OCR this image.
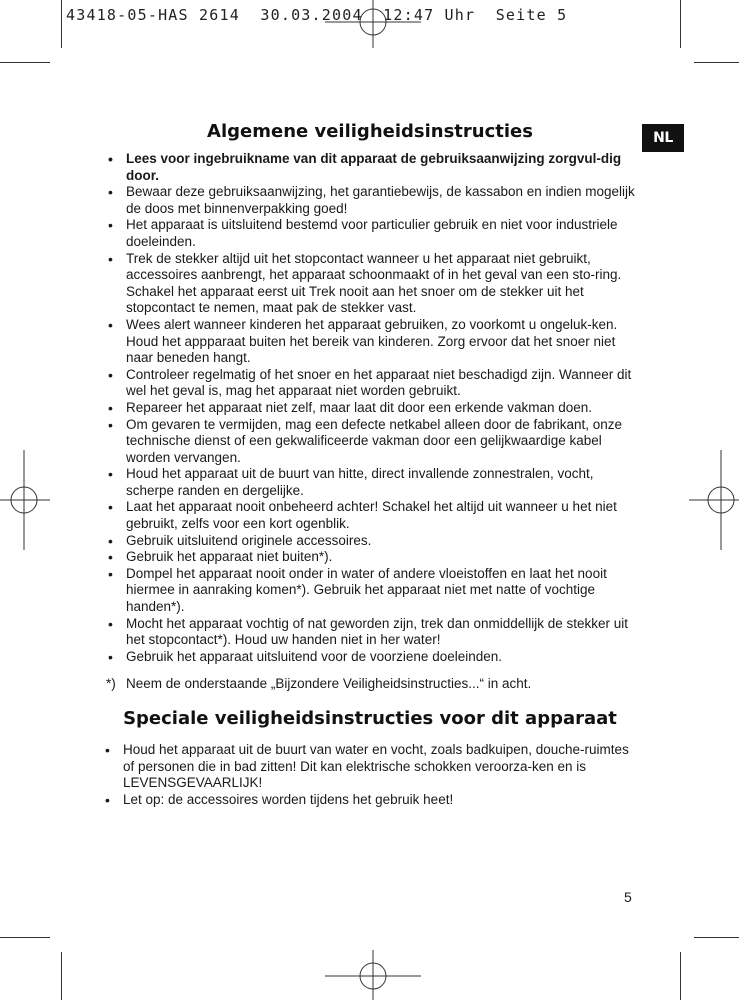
43418-05-HAS 2614  30.03.2004  12:47 Uhr  Seite 5
NL
Algemene veiligheidsinstructies
• Lees voor ingebruikname van dit apparaat de gebruiksaanwijzing zorgvul-dig door.
• Bewaar deze gebruiksaanwijzing, het garantiebewijs, de kassabon en indien mogelijk de doos met binnenverpakking goed!
• Het apparaat is uitsluitend bestemd voor particulier gebruik en niet voor industriele doeleinden.
• Trek de stekker altijd uit het stopcontact wanneer u het apparaat niet gebruikt, accessoires aanbrengt, het apparaat schoonmaakt of in het geval van een sto-ring. Schakel het apparaat eerst uit Trek nooit aan het snoer om de stekker uit het stopcontact te nemen, maat pak de stekker vast.
• Wees alert wanneer kinderen het apparaat gebruiken, zo voorkomt u ongeluk-ken. Houd het appparaat buiten het bereik van kinderen. Zorg ervoor dat het snoer niet naar beneden hangt.
• Controleer regelmatig of het snoer en het apparaat niet beschadigd zijn. Wanneer dit wel het geval is, mag het apparaat niet worden gebruikt.
• Repareer het apparaat niet zelf, maar laat dit door een erkende vakman doen.
• Om gevaren te vermijden, mag een defecte netkabel alleen door de fabrikant, onze technische dienst of een gekwalificeerde vakman door een gelijkwaardige kabel worden vervangen.
• Houd het apparaat uit de buurt van hitte, direct invallende zonnestralen, vocht, scherpe randen en dergelijke.
• Laat het apparaat nooit onbeheerd achter! Schakel het altijd uit wanneer u het niet gebruikt, zelfs voor een kort ogenblik.
• Gebruik uitsluitend originele accessoires.
• Gebruik het apparaat niet buiten*).
• Dompel het apparaat nooit onder in water of andere vloeistoffen en laat het nooit hiermee in aanraking komen*). Gebruik het apparaat niet met natte of vochtige handen*).
• Mocht het apparaat vochtig of nat geworden zijn, trek dan onmiddellijk de stekker uit het stopcontact*). Houd uw handen niet in her water!
• Gebruik het apparaat uitsluitend voor de voorziene doeleinden.
*) Neem de onderstaande „Bijzondere Veiligheidsinstructies...“ in acht.
Speciale veiligheidsinstructies voor dit apparaat
• Houd het apparaat uit de buurt van water en vocht, zoals badkuipen, douche-ruimtes of personen die in bad zitten! Dit kan elektrische schokken veroorza-ken en is LEVENSGEVAARLIJK!
• Let op: de accessoires worden tijdens het gebruik heet!
5
